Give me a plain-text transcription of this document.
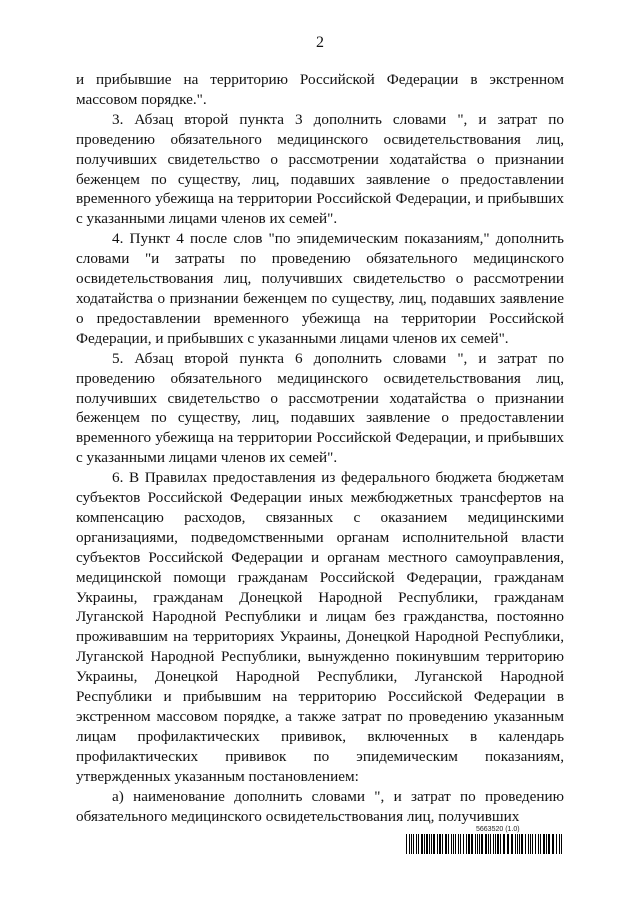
2

и прибывшие на территорию Российской Федерации в экстренном массовом порядке.".

3. Абзац второй пункта 3 дополнить словами ", и затрат по проведению обязательного медицинского освидетельствования лиц, получивших свидетельство о рассмотрении ходатайства о признании беженцем по существу, лиц, подавших заявление о предоставлении временного убежища на территории Российской Федерации, и прибывших с указанными лицами членов их семей".

4. Пункт 4 после слов "по эпидемическим показаниям," дополнить словами "и затраты по проведению обязательного медицинского освидетельствования лиц, получивших свидетельство о рассмотрении ходатайства о признании беженцем по существу, лиц, подавших заявление о предоставлении временного убежища на территории Российской Федерации, и прибывших с указанными лицами членов их семей".

5. Абзац второй пункта 6 дополнить словами ", и затрат по проведению обязательного медицинского освидетельствования лиц, получивших свидетельство о рассмотрении ходатайства о признании беженцем по существу, лиц, подавших заявление о предоставлении временного убежища на территории Российской Федерации, и прибывших с указанными лицами членов их семей".

6. В Правилах предоставления из федерального бюджета бюджетам субъектов Российской Федерации иных межбюджетных трансфертов на компенсацию расходов, связанных с оказанием медицинскими организациями, подведомственными органам исполнительной власти субъектов Российской Федерации и органам местного самоуправления, медицинской помощи гражданам Российской Федерации, гражданам Украины, гражданам Донецкой Народной Республики, гражданам Луганской Народной Республики и лицам без гражданства, постоянно проживавшим на территориях Украины, Донецкой Народной Республики, Луганской Народной Республики, вынужденно покинувшим территорию Украины, Донецкой Народной Республики, Луганской Народной Республики и прибывшим на территорию Российской Федерации в экстренном массовом порядке, а также затрат по проведению указанным лицам профилактических прививок, включенных в календарь профилактических прививок по эпидемическим показаниям, утвержденных указанным постановлением:

а) наименование дополнить словами ", и затрат по проведению обязательного медицинского освидетельствования лиц, получивших

5663520 (1.0)
